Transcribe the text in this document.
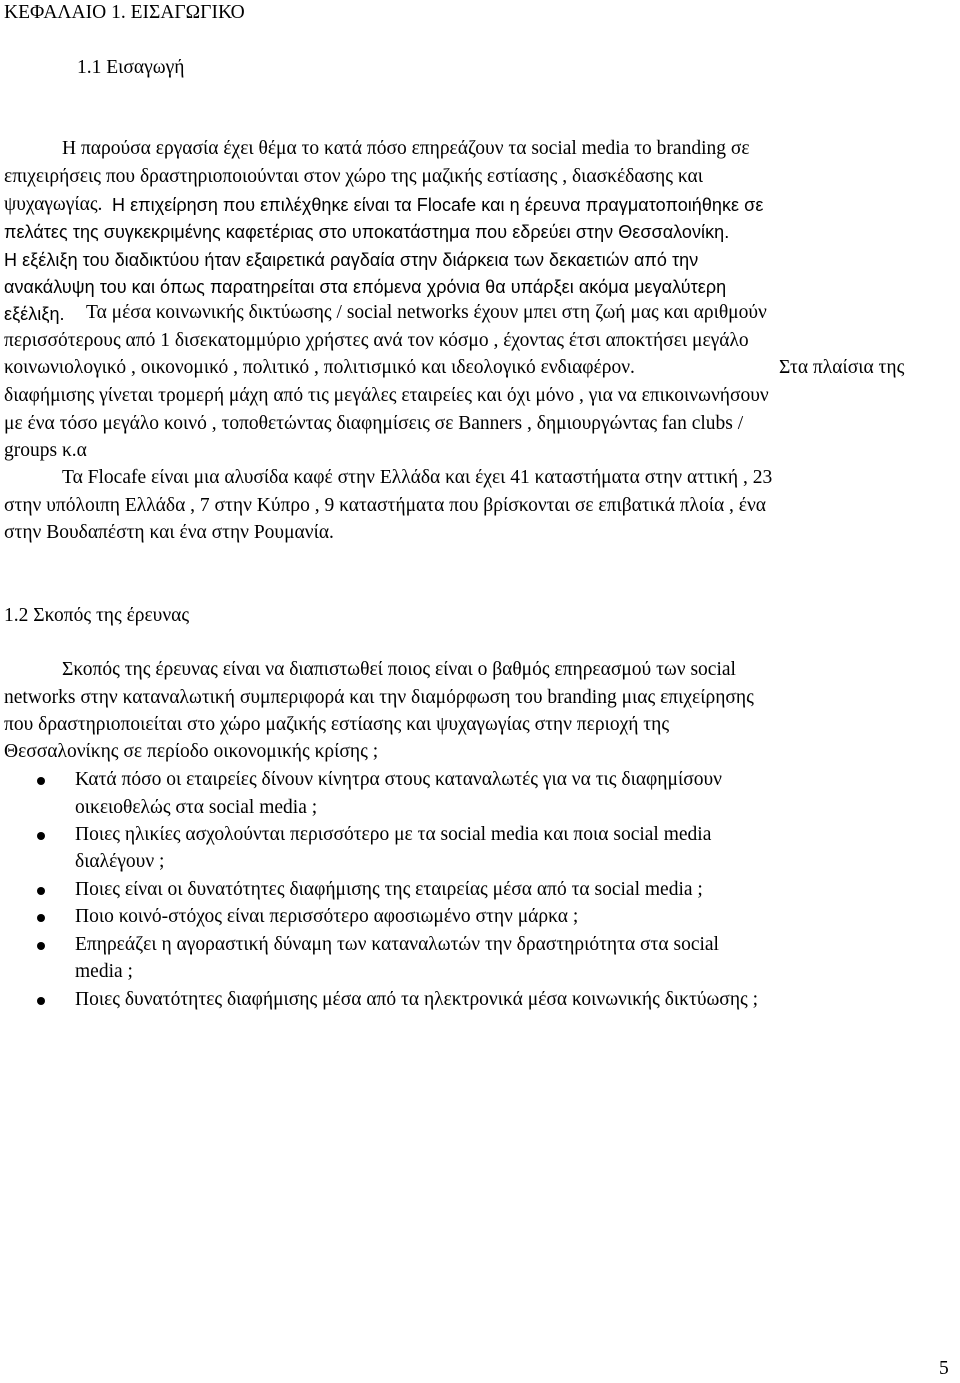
ΚΕΦΑΛΑΙΟ 1. ΕΙΣΑΓΩΓΙΚΟ
1.1 Εισαγωγή
Η παρούσα εργασία έχει θέμα το κατά πόσο επηρεάζουν τα social media το branding σε
επιχειρήσεις που δραστηριοποιούνται στον χώρο της μαζικής εστίασης , διασκέδασης και
ψυχαγωγίας. Η επιχείρηση που επιλέχθηκε είναι τα Flocafe και η έρευνα πραγματοποιήθηκε σε
πελάτες της συγκεκριμένης καφετέριας στο υποκατάστημα που εδρεύει στην Θεσσαλονίκη.
Η εξέλιξη του διαδικτύου ήταν εξαιρετικά ραγδαία στην διάρκεια των δεκαετιών από την
ανακάλυψη του και όπως παρατηρείται στα επόμενα χρόνια θα υπάρξει ακόμα μεγαλύτερη
εξέλιξη. Τα μέσα κοινωνικής δικτύωσης / social networks έχουν μπει στη ζωή μας και αριθμούν
περισσότερους από 1 δισεκατομμύριο χρήστες ανά τον κόσμο , έχοντας έτσι αποκτήσει μεγάλο
κοινωνιολογικό , οικονομικό , πολιτικό , πολιτισμικό και ιδεολογικό ενδιαφέρον.	Στα πλαίσια της
διαφήμισης γίνεται τρομερή μάχη από τις μεγάλες εταιρείες και όχι μόνο , για να επικοινωνήσουν
με ένα τόσο μεγάλο κοινό , τοποθετώντας διαφημίσεις σε Banners , δημιουργώντας fan clubs /
groups κ.α
Τα Flocafe είναι μια αλυσίδα καφέ στην Ελλάδα και έχει 41 καταστήματα στην αττική , 23
στην υπόλοιπη Ελλάδα , 7 στην Κύπρο , 9 καταστήματα που βρίσκονται σε επιβατικά πλοία , ένα
στην Βουδαπέστη και ένα στην Ρουμανία.
1.2 Σκοπός της έρευνας
Σκοπός της έρευνας είναι να διαπιστωθεί ποιος είναι ο βαθμός επηρεασμού των social
networks στην καταναλωτική συμπεριφορά και την διαμόρφωση του branding μιας επιχείρησης
που δραστηριοποιείται στο χώρο μαζικής εστίασης και ψυχαγωγίας στην περιοχή της
Θεσσαλονίκης σε περίοδο οικονομικής κρίσης ;
Κατά πόσο οι εταιρείες δίνουν κίνητρα στους καταναλωτές για να τις διαφημίσουν
οικειοθελώς στα social media ;
Ποιες ηλικίες ασχολούνται περισσότερο με τα social media και ποια social media
διαλέγουν ;
Ποιες είναι οι δυνατότητες διαφήμισης της εταιρείας μέσα από τα social media ;
Ποιο κοινό-στόχος είναι περισσότερο αφοσιωμένο στην μάρκα ;
Επηρεάζει η αγοραστική δύναμη των καταναλωτών την δραστηριότητα στα social
media ;
Ποιες δυνατότητες διαφήμισης μέσα από τα ηλεκτρονικά μέσα κοινωνικής δικτύωσης ;
5
